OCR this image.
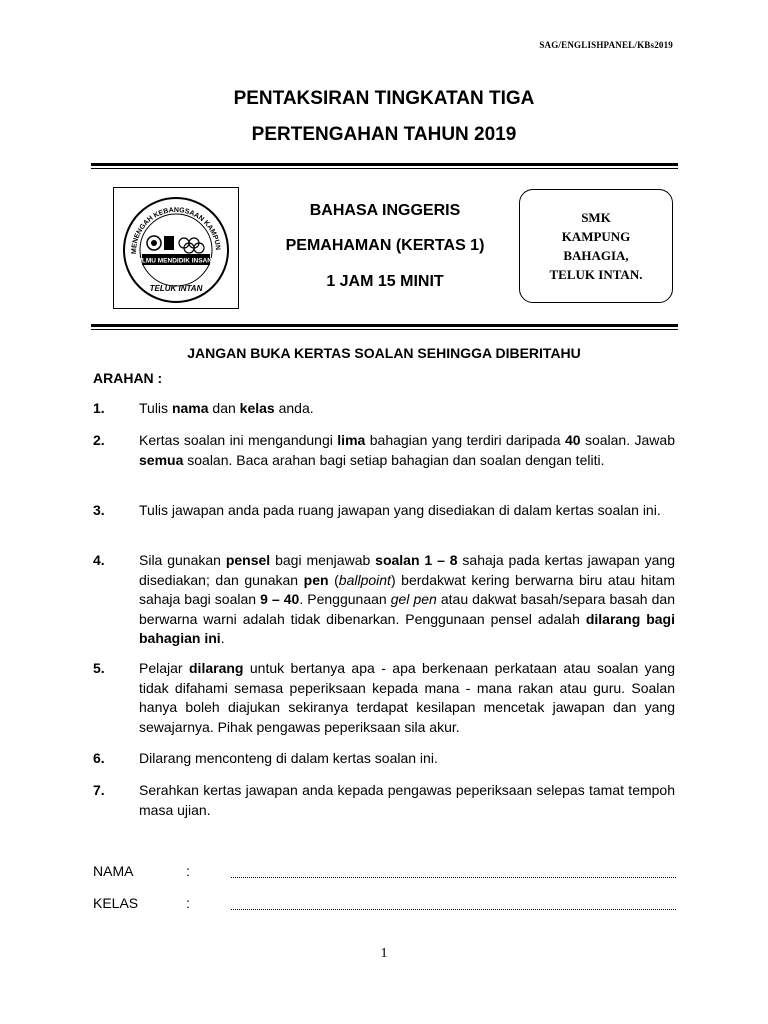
SAG/ENGLISHPANEL/KBs2019
PENTAKSIRAN TINGKATAN TIGA
PERTENGAHAN TAHUN 2019
MENENGAH KEBANGSAAN KAMPUN
ILMU MENDIDIK INSAN
TELUK INTAN
BAHASA INGGERIS
PEMAHAMAN (KERTAS 1)
1 JAM 15 MINIT
SMK
KAMPUNG
BAHAGIA,
TELUK INTAN.
JANGAN BUKA KERTAS SOALAN SEHINGGA DIBERITAHU
ARAHAN :
1. Tulis nama dan kelas anda.
2. Kertas soalan ini mengandungi lima bahagian yang terdiri daripada 40 soalan. Jawab semua soalan. Baca arahan bagi setiap bahagian dan soalan dengan teliti.
3. Tulis jawapan anda pada ruang jawapan yang disediakan di dalam kertas soalan ini.
4. Sila gunakan pensel bagi menjawab soalan 1 – 8 sahaja pada kertas jawapan yang disediakan; dan gunakan pen (ballpoint) berdakwat kering berwarna biru atau hitam sahaja bagi soalan 9 – 40. Penggunaan gel pen atau dakwat basah/separa basah dan berwarna warni adalah tidak dibenarkan. Penggunaan pensel adalah dilarang bagi bahagian ini.
5. Pelajar dilarang untuk bertanya apa - apa berkenaan perkataan atau soalan yang tidak difahami semasa peperiksaan kepada mana - mana rakan atau guru. Soalan hanya boleh diajukan sekiranya terdapat kesilapan mencetak jawapan dan yang sewajarnya. Pihak pengawas peperiksaan sila akur.
6. Dilarang menconteng di dalam kertas soalan ini.
7. Serahkan kertas jawapan anda kepada pengawas peperiksaan selepas tamat tempoh masa ujian.
NAMA	:
KELAS	:
1
